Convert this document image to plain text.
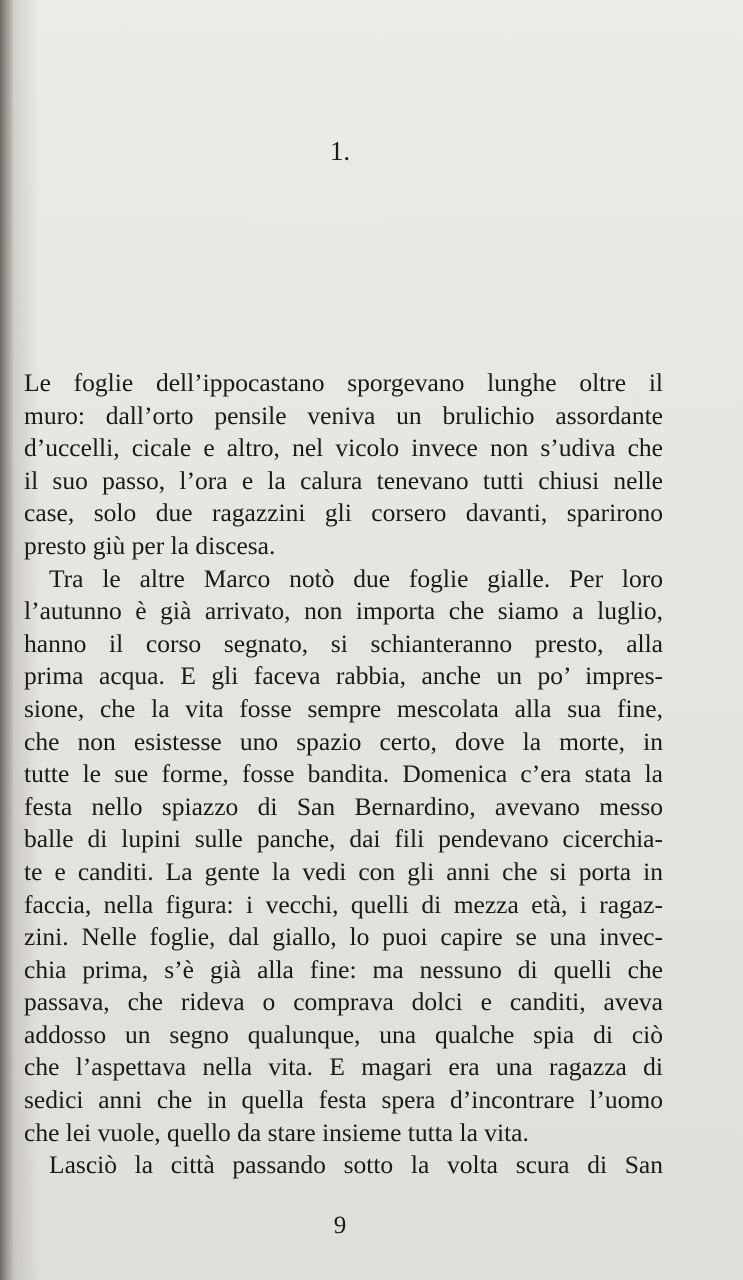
1.
Le foglie dell’ippocastano sporgevano lunghe oltre il
muro: dall’orto pensile veniva un brulichio assordante
d’uccelli, cicale e altro, nel vicolo invece non s’udiva che
il suo passo, l’ora e la calura tenevano tutti chiusi nelle
case, solo due ragazzini gli corsero davanti, sparirono
presto giù per la discesa.
Tra le altre Marco notò due foglie gialle. Per loro
l’autunno è già arrivato, non importa che siamo a luglio,
hanno il corso segnato, si schianteranno presto, alla
prima acqua. E gli faceva rabbia, anche un po’ impres-
sione, che la vita fosse sempre mescolata alla sua fine,
che non esistesse uno spazio certo, dove la morte, in
tutte le sue forme, fosse bandita. Domenica c’era stata la
festa nello spiazzo di San Bernardino, avevano messo
balle di lupini sulle panche, dai fili pendevano cicerchia-
te e canditi. La gente la vedi con gli anni che si porta in
faccia, nella figura: i vecchi, quelli di mezza età, i ragaz-
zini. Nelle foglie, dal giallo, lo puoi capire se una invec-
chia prima, s’è già alla fine: ma nessuno di quelli che
passava, che rideva o comprava dolci e canditi, aveva
addosso un segno qualunque, una qualche spia di ciò
che l’aspettava nella vita. E magari era una ragazza di
sedici anni che in quella festa spera d’incontrare l’uomo
che lei vuole, quello da stare insieme tutta la vita.
Lasciò la città passando sotto la volta scura di San
9
